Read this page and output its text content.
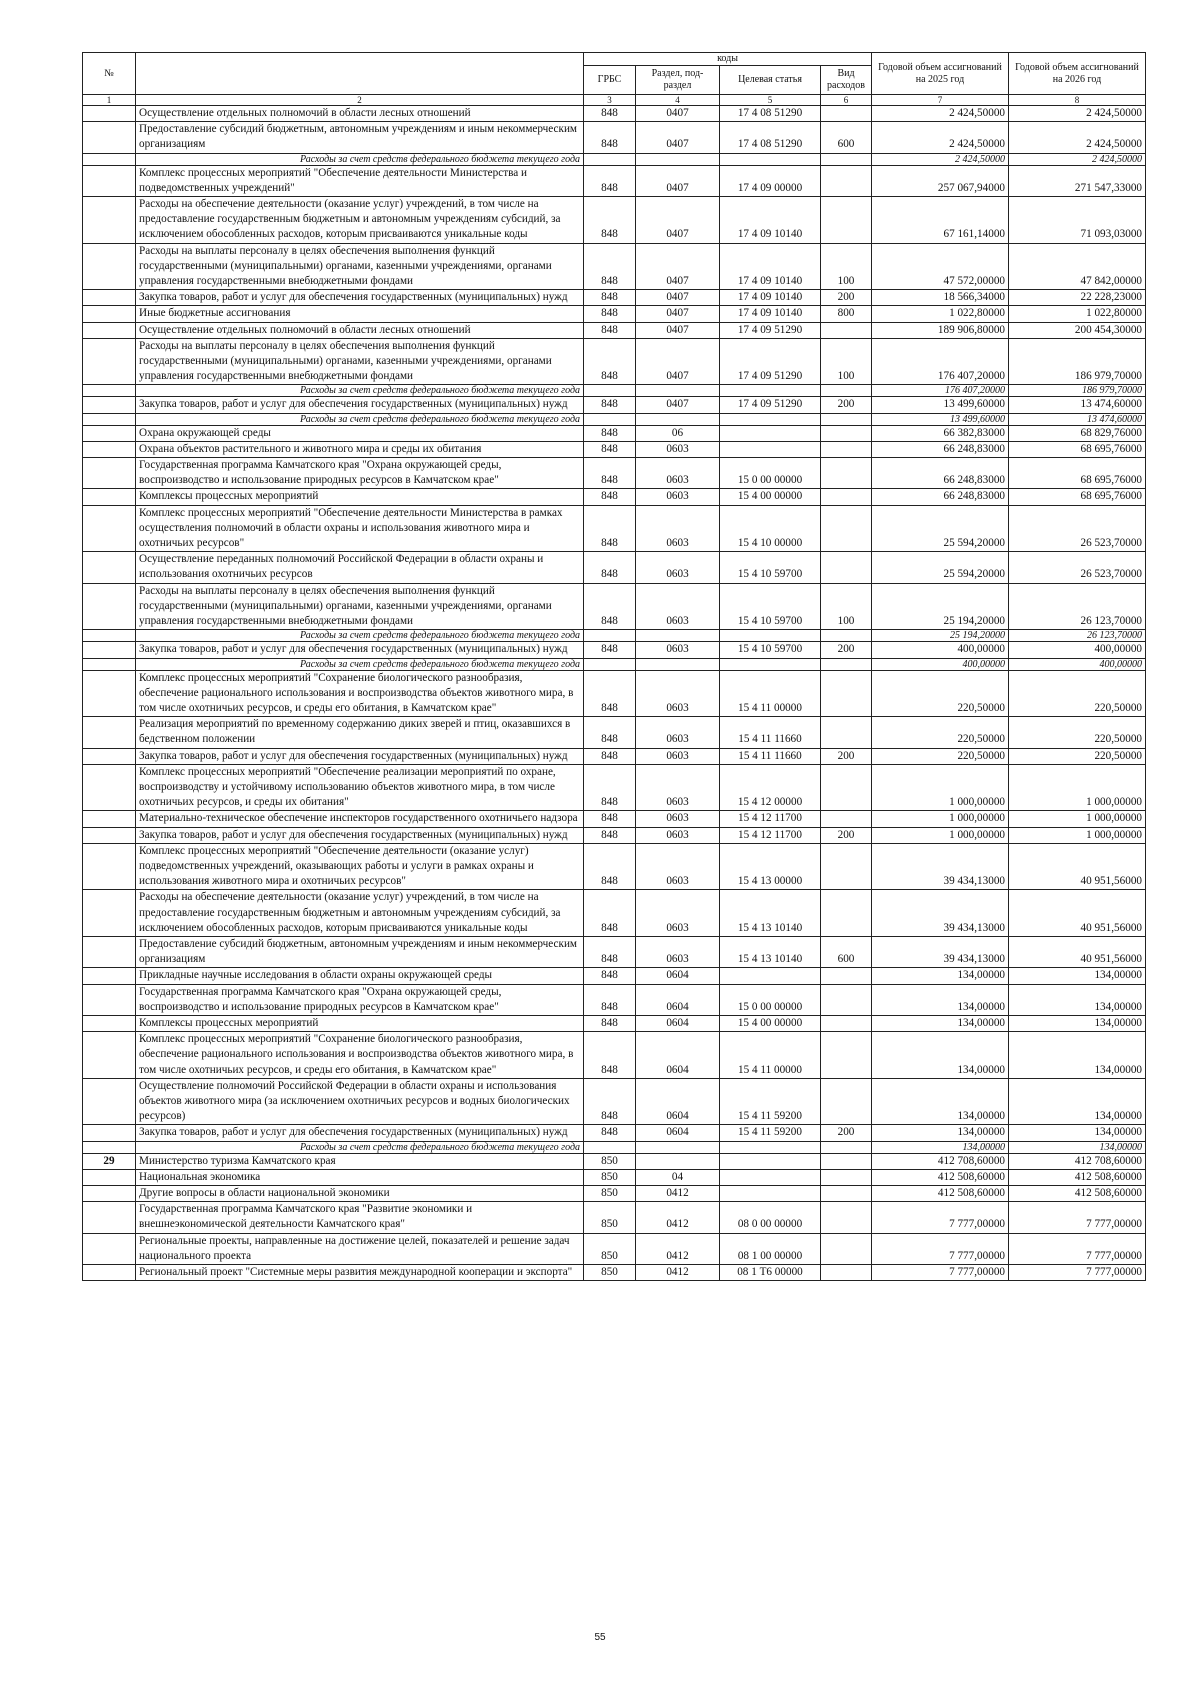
№		коды				Годовой объем ассигнований на 2025 год	Годовой объем ассигнований на 2026 год
		ГРБС	Раздел, под-раздел	Целевая статья	Вид расходов		
1	2	3	4	5	6	7	8
	Осуществление отдельных полномочий в области лесных отношений	848	0407	17 4 08 51290		2 424,50000	2 424,50000
	Предоставление субсидий бюджетным, автономным учреждениям и иным некоммерческим организациям	848	0407	17 4 08 51290	600	2 424,50000	2 424,50000
	Расходы за счет средств федерального бюджета текущего года					2 424,50000	2 424,50000
	Комплекс процессных мероприятий "Обеспечение деятельности Министерства и подведомственных учреждений"	848	0407	17 4 09 00000		257 067,94000	271 547,33000
	Расходы на обеспечение деятельности (оказание услуг) учреждений, в том числе на предоставление государственным бюджетным и автономным учреждениям субсидий, за исключением обособленных расходов, которым присваиваются уникальные коды	848	0407	17 4 09 10140		67 161,14000	71 093,03000
	Расходы на выплаты персоналу в целях обеспечения выполнения функций государственными (муниципальными) органами, казенными учреждениями, органами управления государственными внебюджетными фондами	848	0407	17 4 09 10140	100	47 572,00000	47 842,00000
	Закупка товаров, работ и услуг для обеспечения государственных (муниципальных) нужд	848	0407	17 4 09 10140	200	18 566,34000	22 228,23000
	Иные бюджетные ассигнования	848	0407	17 4 09 10140	800	1 022,80000	1 022,80000
	Осуществление отдельных полномочий в области лесных отношений	848	0407	17 4 09 51290		189 906,80000	200 454,30000
	Расходы на выплаты персоналу в целях обеспечения выполнения функций государственными (муниципальными) органами, казенными учреждениями, органами управления государственными внебюджетными фондами	848	0407	17 4 09 51290	100	176 407,20000	186 979,70000
	Расходы за счет средств федерального бюджета текущего года					176 407,20000	186 979,70000
	Закупка товаров, работ и услуг для обеспечения государственных (муниципальных) нужд	848	0407	17 4 09 51290	200	13 499,60000	13 474,60000
	Расходы за счет средств федерального бюджета текущего года					13 499,60000	13 474,60000
	Охрана окружающей среды	848	06			66 382,83000	68 829,76000
	Охрана объектов растительного и животного мира и среды их обитания	848	0603			66 248,83000	68 695,76000
	Государственная программа Камчатского края "Охрана окружающей среды, воспроизводство и использование природных ресурсов в Камчатском крае"	848	0603	15 0 00 00000		66 248,83000	68 695,76000
	Комплексы процессных мероприятий	848	0603	15 4 00 00000		66 248,83000	68 695,76000
	Комплекс процессных мероприятий "Обеспечение деятельности Министерства в рамках осуществления полномочий в области охраны и использования животного мира и охотничьих ресурсов"	848	0603	15 4 10 00000		25 594,20000	26 523,70000
	Осуществление переданных полномочий Российской Федерации в области охраны и использования охотничьих ресурсов	848	0603	15 4 10 59700		25 594,20000	26 523,70000
	Расходы на выплаты персоналу в целях обеспечения выполнения функций государственными (муниципальными) органами, казенными учреждениями, органами управления государственными внебюджетными фондами	848	0603	15 4 10 59700	100	25 194,20000	26 123,70000
	Расходы за счет средств федерального бюджета текущего года					25 194,20000	26 123,70000
	Закупка товаров, работ и услуг для обеспечения государственных (муниципальных) нужд	848	0603	15 4 10 59700	200	400,00000	400,00000
	Расходы за счет средств федерального бюджета текущего года					400,00000	400,00000
	Комплекс процессных мероприятий "Сохранение биологического разнообразия, обеспечение рационального использования и воспроизводства объектов животного мира, в том числе охотничьих ресурсов, и среды его обитания, в Камчатском крае"	848	0603	15 4 11 00000		220,50000	220,50000
	Реализация мероприятий по временному содержанию диких зверей и птиц, оказавшихся в бедственном положении	848	0603	15 4 11 11660		220,50000	220,50000
	Закупка товаров, работ и услуг для обеспечения государственных (муниципальных) нужд	848	0603	15 4 11 11660	200	220,50000	220,50000
	Комплекс процессных мероприятий "Обеспечение реализации мероприятий по охране, воспроизводству и устойчивому использованию объектов животного мира, в том числе охотничьих ресурсов, и среды их обитания"	848	0603	15 4 12 00000		1 000,00000	1 000,00000
	Материально-техническое обеспечение инспекторов государственного охотничьего надзора	848	0603	15 4 12 11700		1 000,00000	1 000,00000
	Закупка товаров, работ и услуг для обеспечения государственных (муниципальных) нужд	848	0603	15 4 12 11700	200	1 000,00000	1 000,00000
	Комплекс процессных мероприятий "Обеспечение деятельности (оказание услуг) подведомственных учреждений, оказывающих работы и услуги в рамках охраны и использования животного мира и охотничьих ресурсов"	848	0603	15 4 13 00000		39 434,13000	40 951,56000
	Расходы на обеспечение деятельности (оказание услуг) учреждений, в том числе на предоставление государственным бюджетным и автономным учреждениям субсидий, за исключением обособленных расходов, которым присваиваются уникальные коды	848	0603	15 4 13 10140		39 434,13000	40 951,56000
	Предоставление субсидий бюджетным, автономным учреждениям и иным некоммерческим организациям	848	0603	15 4 13 10140	600	39 434,13000	40 951,56000
	Прикладные научные исследования в области охраны окружающей среды	848	0604			134,00000	134,00000
	Государственная программа Камчатского края "Охрана окружающей среды, воспроизводство и использование природных ресурсов в Камчатском крае"	848	0604	15 0 00 00000		134,00000	134,00000
	Комплексы процессных мероприятий	848	0604	15 4 00 00000		134,00000	134,00000
	Комплекс процессных мероприятий "Сохранение биологического разнообразия, обеспечение рационального использования и воспроизводства объектов животного мира, в том числе охотничьих ресурсов, и среды его обитания, в Камчатском крае"	848	0604	15 4 11 00000		134,00000	134,00000
	Осуществление полномочий Российской Федерации в области охраны и использования объектов животного мира (за исключением охотничьих ресурсов и водных биологических ресурсов)	848	0604	15 4 11 59200		134,00000	134,00000
	Закупка товаров, работ и услуг для обеспечения государственных (муниципальных) нужд	848	0604	15 4 11 59200	200	134,00000	134,00000
	Расходы за счет средств федерального бюджета текущего года					134,00000	134,00000
29	Министерство туризма Камчатского края	850				412 708,60000	412 708,60000
	Национальная экономика	850	04			412 508,60000	412 508,60000
	Другие вопросы в области национальной экономики	850	0412			412 508,60000	412 508,60000
	Государственная программа Камчатского края "Развитие экономики и внешнеэкономической деятельности Камчатского края"	850	0412	08 0 00 00000		7 777,00000	7 777,00000
	Региональные проекты, направленные на достижение целей, показателей и решение задач национального проекта	850	0412	08 1 00 00000		7 777,00000	7 777,00000
	Региональный проект "Системные меры развития международной кооперации и экспорта"	850	0412	08 1 Т6 00000		7 777,00000	7 777,00000
55
